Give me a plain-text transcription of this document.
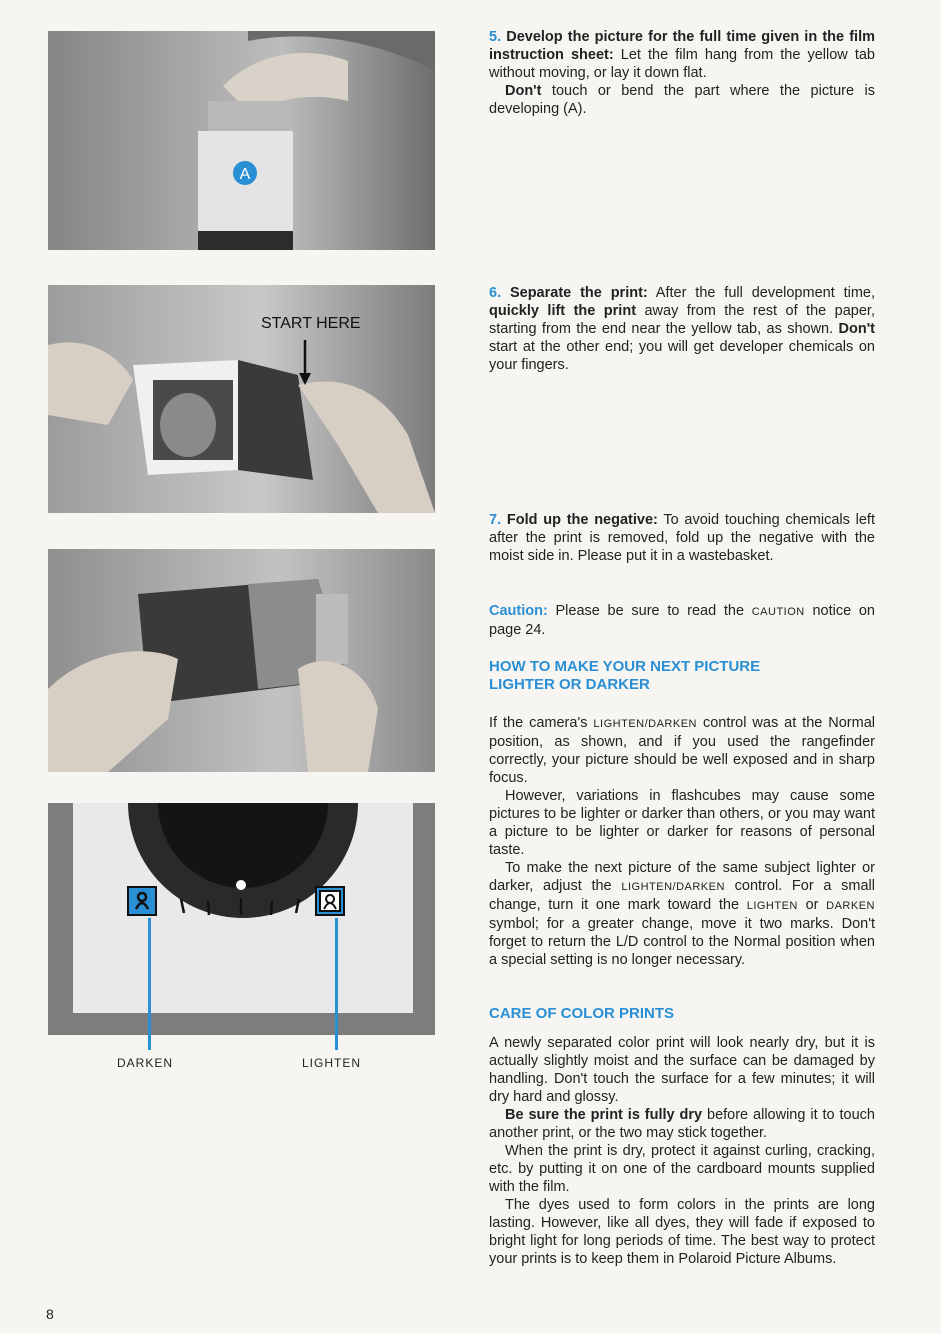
A
START HERE
DARKEN	LIGHTEN

5. Develop the picture for the full time given in the film instruction sheet: Let the film hang from the yellow tab without moving, or lay it down flat.

Don't touch or bend the part where the picture is developing (A).

6. Separate the print: After the full development time, quickly lift the print away from the rest of the paper, starting from the end near the yellow tab, as shown. Don't start at the other end; you will get developer chemicals on your fingers.

7. Fold up the negative: To avoid touching chemicals left after the print is removed, fold up the negative with the moist side in. Please put it in a wastebasket.

Caution: Please be sure to read the CAUTION notice on page 24.

HOW TO MAKE YOUR NEXT PICTURE
LIGHTER OR DARKER

If the camera's LIGHTEN/DARKEN control was at the Normal position, as shown, and if you used the rangefinder correctly, your picture should be well exposed and in sharp focus.

However, variations in flashcubes may cause some pictures to be lighter or darker than others, or you may want a picture to be lighter or darker for reasons of personal taste.

To make the next picture of the same subject lighter or darker, adjust the LIGHTEN/DARKEN control. For a small change, turn it one mark toward the LIGHTEN or DARKEN symbol; for a greater change, move it two marks. Don't forget to return the L/D control to the Normal position when a special setting is no longer necessary.

CARE OF COLOR PRINTS

A newly separated color print will look nearly dry, but it is actually slightly moist and the surface can be damaged by handling. Don't touch the surface for a few minutes; it will dry hard and glossy.

Be sure the print is fully dry before allowing it to touch another print, or the two may stick together.

When the print is dry, protect it against curling, cracking, etc. by putting it on one of the cardboard mounts supplied with the film.

The dyes used to form colors in the prints are long lasting. However, like all dyes, they will fade if exposed to bright light for long periods of time. The best way to protect your prints is to keep them in Polaroid Picture Albums.

8
